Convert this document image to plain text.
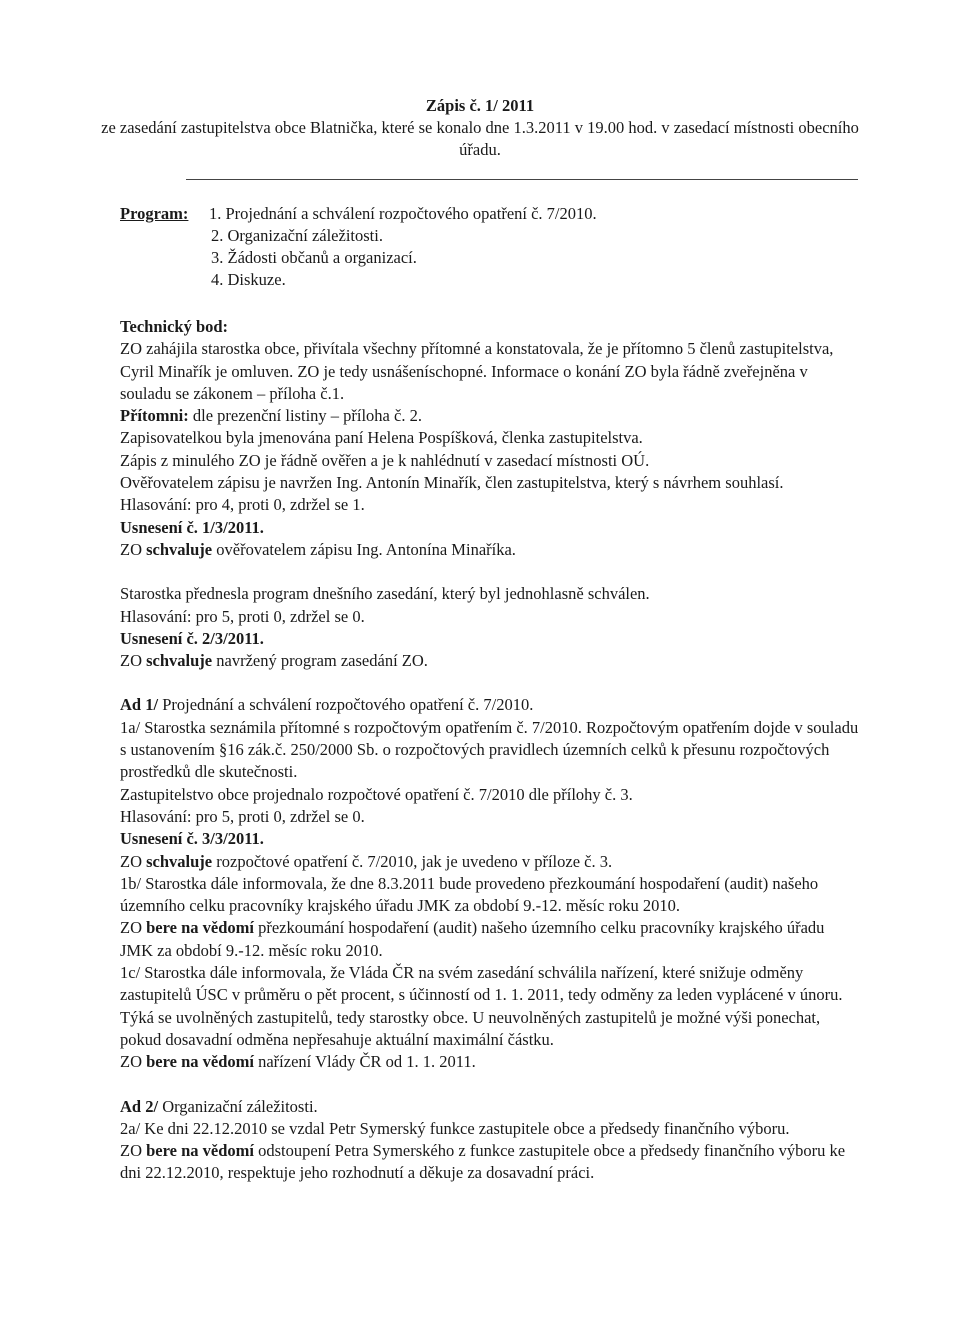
Zápis č. 1/ 2011
ze zasedání zastupitelstva obce Blatnička, které se konalo dne 1.3.2011 v 19.00 hod. v zasedací místnosti obecního úřadu.
Program: 1. Projednání a schválení rozpočtového opatření č. 7/2010.
2. Organizační záležitosti.
3. Žádosti občanů a organizací.
4. Diskuze.

Technický bod:

ZO zahájila starostka obce, přivítala všechny přítomné a konstatovala, že je přítomno 5 členů zastupitelstva, Cyril Minařík je omluven. ZO je tedy usnášeníschopné. Informace o konání ZO byla řádně zveřejněna v souladu se zákonem – příloha č.1.

Přítomni: dle prezenční listiny – příloha č. 2.

Zapisovatelkou byla jmenována paní Helena Pospíšková, členka zastupitelstva.

Zápis z minulého ZO je řádně ověřen a je k nahlédnutí v zasedací místnosti OÚ.

Ověřovatelem zápisu je navržen Ing. Antonín Minařík, člen zastupitelstva, který s návrhem souhlasí.

Hlasování: pro 4, proti 0, zdržel se 1.

Usnesení č. 1/3/2011.

ZO schvaluje ověřovatelem zápisu Ing. Antonína Minaříka.

Starostka přednesla program dnešního zasedání, který byl jednohlasně schválen.

Hlasování: pro 5, proti 0, zdržel se 0.

Usnesení č. 2/3/2011.

ZO schvaluje navržený program zasedání ZO.

Ad 1/ Projednání a schválení rozpočtového opatření č. 7/2010.

1a/ Starostka seznámila přítomné s rozpočtovým opatřením č. 7/2010. Rozpočtovým opatřením dojde v souladu s ustanovením §16 zák.č. 250/2000 Sb. o rozpočtových pravidlech územních celků k přesunu rozpočtových prostředků dle skutečnosti.

Zastupitelstvo obce projednalo rozpočtové opatření č. 7/2010 dle přílohy č. 3.

Hlasování: pro 5, proti 0, zdržel se 0.

Usnesení č. 3/3/2011.

ZO schvaluje rozpočtové opatření č. 7/2010, jak je uvedeno v příloze č. 3.

1b/ Starostka dále informovala, že dne 8.3.2011 bude provedeno přezkoumání hospodaření (audit) našeho územního celku pracovníky krajského úřadu JMK za období 9.-12. měsíc roku 2010.

ZO bere na vědomí přezkoumání hospodaření (audit) našeho územního celku pracovníky krajského úřadu JMK za období 9.-12. měsíc roku 2010.

1c/ Starostka dále informovala, že Vláda ČR na svém zasedání schválila nařízení, které snižuje odměny zastupitelů ÚSC v průměru o pět procent, s účinností od 1. 1. 2011, tedy odměny za leden vyplácené v únoru. Týká se uvolněných zastupitelů, tedy starostky obce. U neuvolněných zastupitelů je možné výši ponechat, pokud dosavadní odměna nepřesahuje aktuální maximální částku.

ZO bere na vědomí nařízení Vlády ČR od 1. 1. 2011.

Ad 2/ Organizační záležitosti.

2a/ Ke dni 22.12.2010 se vzdal Petr Symerský funkce zastupitele obce a předsedy finančního výboru.

ZO bere na vědomí odstoupení Petra Symerského z funkce zastupitele obce a předsedy finančního výboru ke dni 22.12.2010, respektuje jeho rozhodnutí a děkuje za dosavadní práci.
